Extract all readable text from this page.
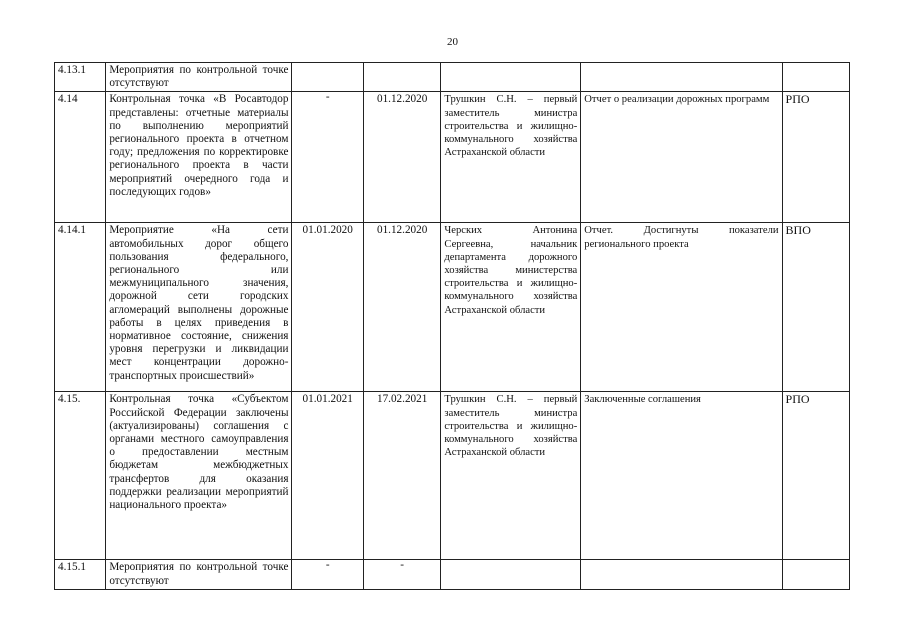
20
4.13.1	Мероприятия по контрольной точке отсутствуют					
4.14	Контрольная точка «В Росавтодор представлены: отчетные материалы по выполнению мероприятий регионального проекта в отчетном году; предложения по корректировке регионального проекта в части мероприятий очередного года и последующих годов»	-	01.12.2020	Трушкин С.Н. – первый заместитель министра строительства и жилищно-коммунального хозяйства Астраханской области	Отчет о реализации дорожных программ	РПО
4.14.1	Мероприятие «На сети автомобильных дорог общего пользования федерального, регионального или межмуниципального значения, дорожной сети городских агломераций выполнены дорожные работы в целях приведения в нормативное состояние, снижения уровня перегрузки и ликвидации мест концентрации дорожно-транспортных происшествий»	01.01.2020	01.12.2020	Черских Антонина Сергеевна, начальник департамента дорожного хозяйства министерства строительства и жилищно-коммунального хозяйства Астраханской области	Отчет. Достигнуты показатели регионального проекта	ВПО
4.15.	Контрольная точка «Субъектом Российской Федерации заключены (актуализированы) соглашения с органами местного самоуправления о предоставлении местным бюджетам межбюджетных трансфертов для оказания поддержки реализации мероприятий национального проекта»	01.01.2021	17.02.2021	Трушкин С.Н. – первый заместитель министра строительства и жилищно-коммунального хозяйства Астраханской области	Заключенные соглашения	РПО
4.15.1	Мероприятия по контрольной точке отсутствуют	-	-			
